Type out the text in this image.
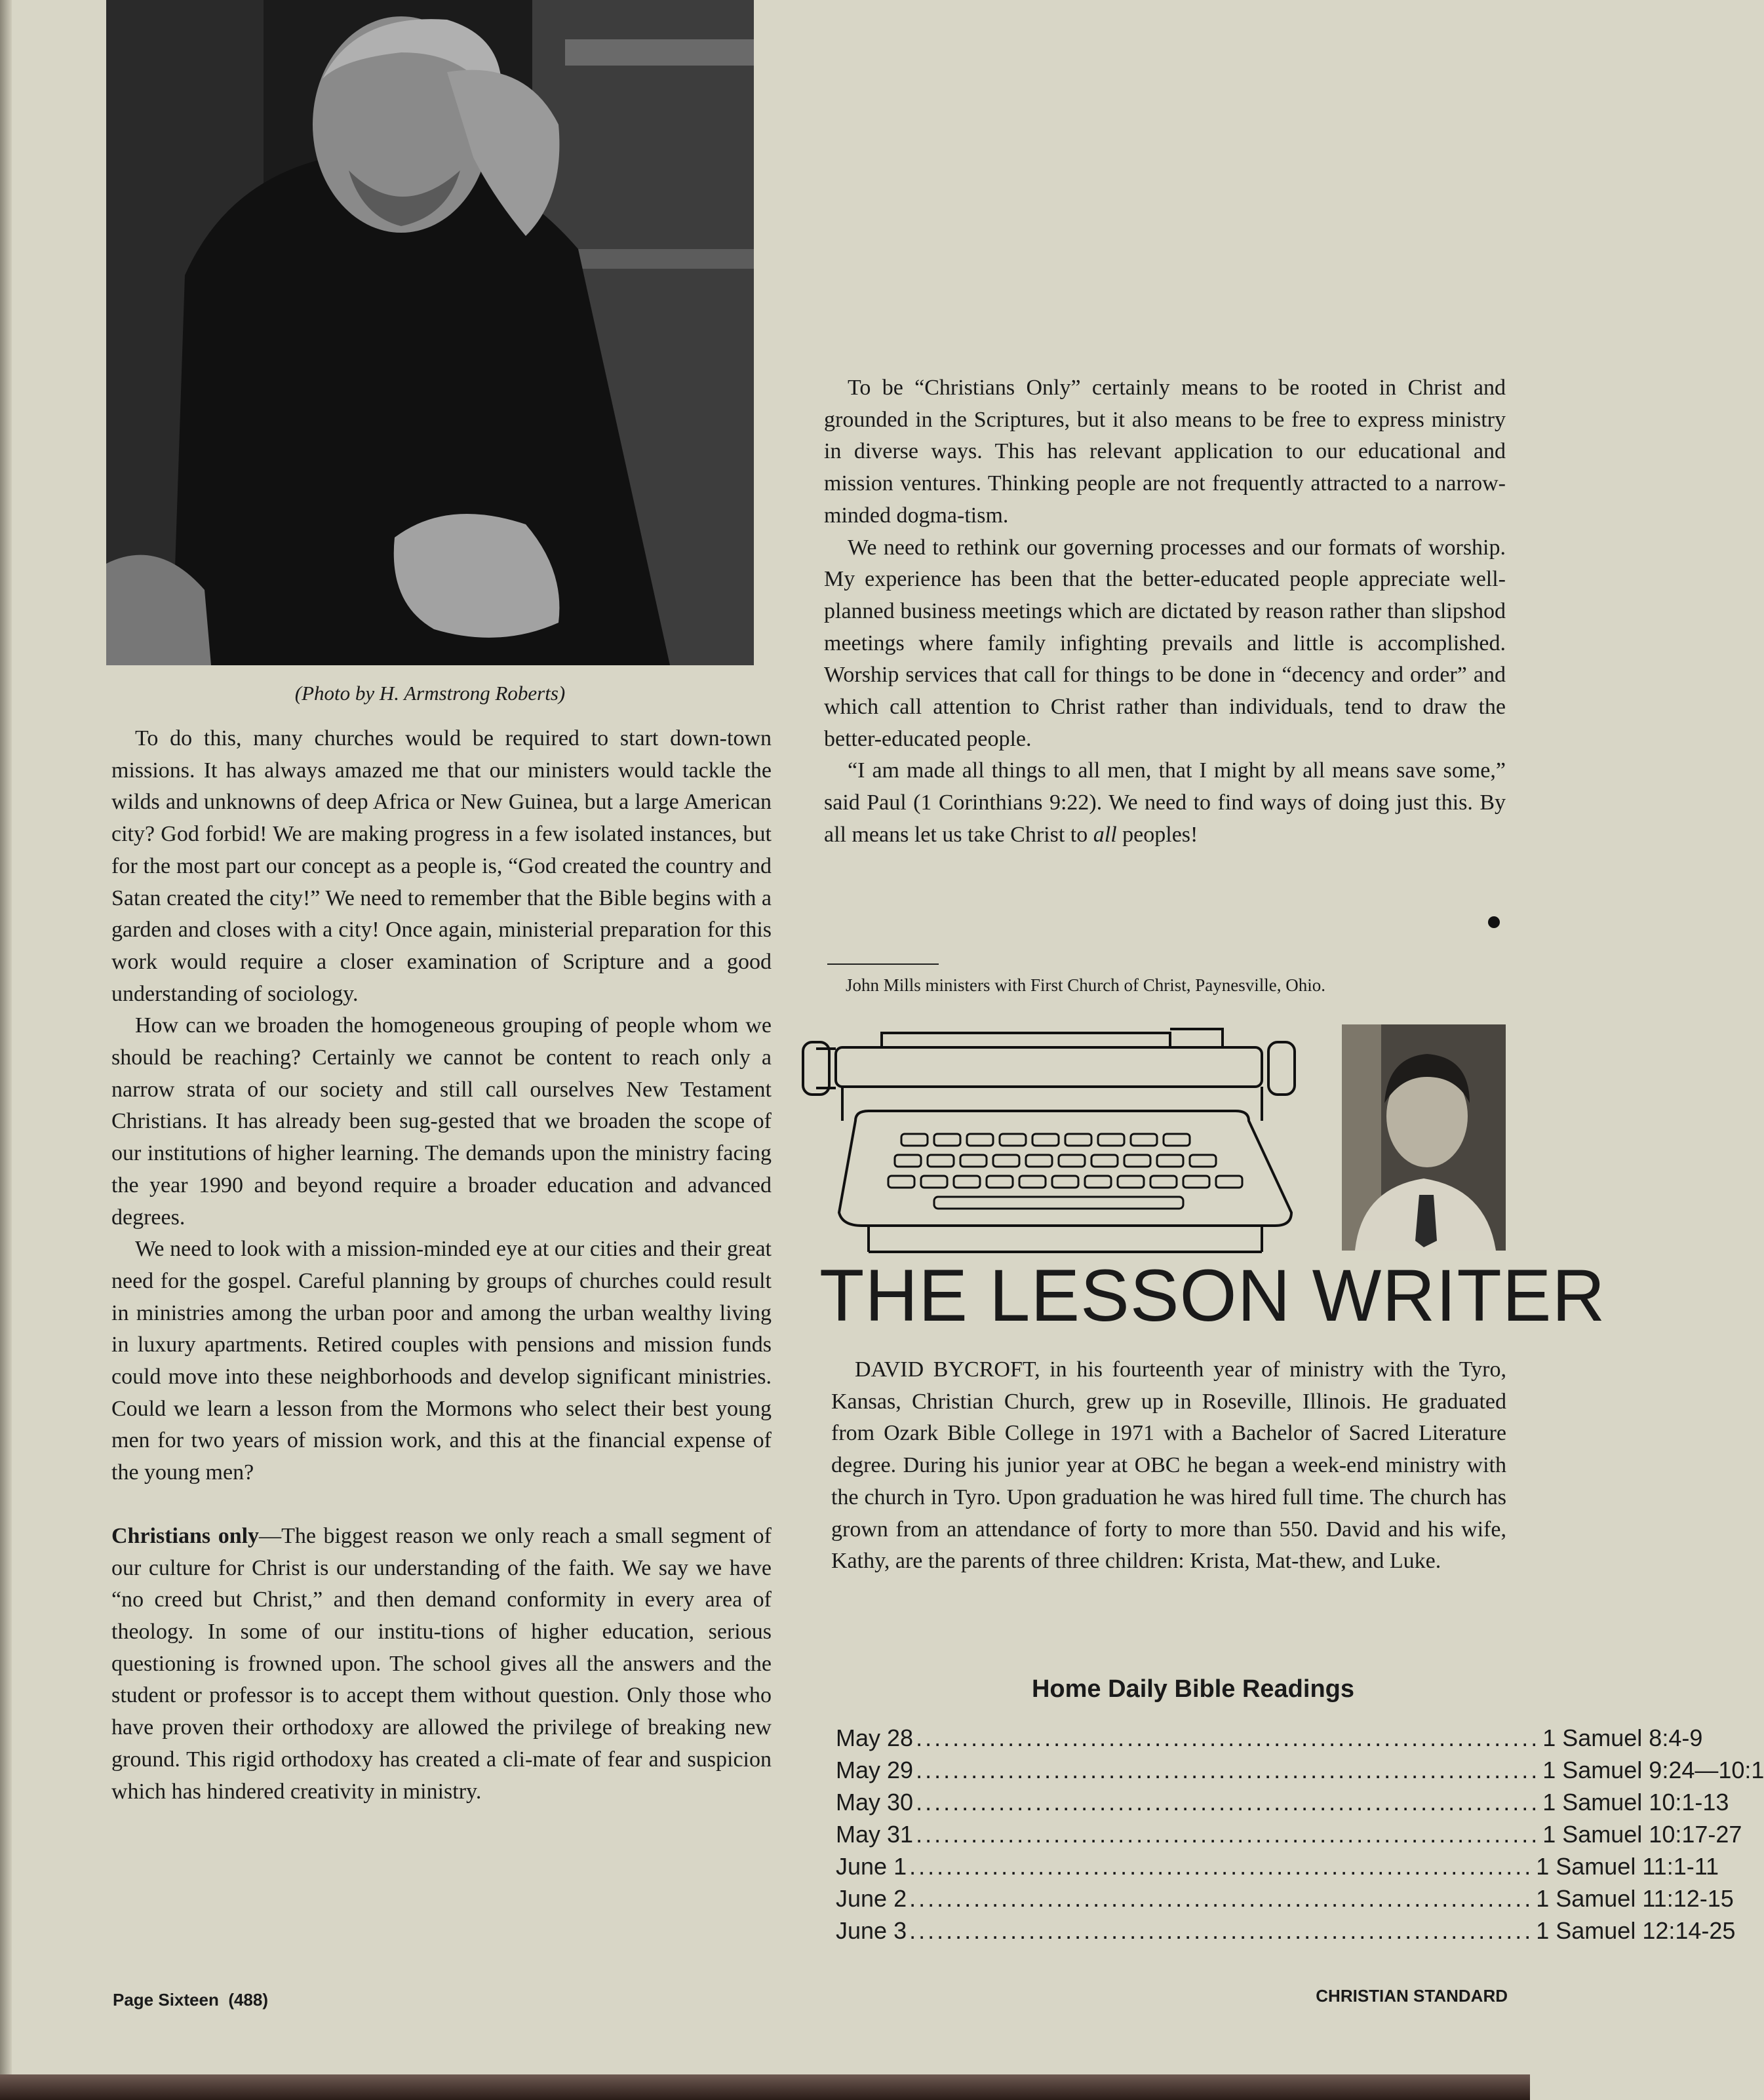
(Photo by H. Armstrong Roberts)

To do this, many churches would be required to start down-town missions. It has always amazed me that our ministers would tackle the wilds and unknowns of deep Africa or New Guinea, but a large American city? God forbid! We are making progress in a few isolated instances, but for the most part our concept as a people is, “God created the country and Satan created the city!” We need to remember that the Bible begins with a garden and closes with a city! Once again, ministerial preparation for this work would require a closer examination of Scripture and a good understanding of sociology.

How can we broaden the homogeneous grouping of people whom we should be reaching? Certainly we cannot be content to reach only a narrow strata of our society and still call ourselves New Testament Christians. It has already been sug-gested that we broaden the scope of our institutions of higher learning. The demands upon the ministry facing the year 1990 and beyond require a broader education and advanced degrees.

We need to look with a mission-minded eye at our cities and their great need for the gospel. Careful planning by groups of churches could result in ministries among the urban poor and among the urban wealthy living in luxury apartments. Retired couples with pensions and mission funds could move into these neighborhoods and develop significant ministries. Could we learn a lesson from the Mormons who select their best young men for two years of mission work, and this at the financial expense of the young men?

Christians only—The biggest reason we only reach a small segment of our culture for Christ is our understanding of the faith. We say we have “no creed but Christ,” and then demand conformity in every area of theology. In some of our institu-tions of higher education, serious questioning is frowned upon. The school gives all the answers and the student or professor is to accept them without question. Only those who have proven their orthodoxy are allowed the privilege of breaking new ground. This rigid orthodoxy has created a cli-mate of fear and suspicion which has hindered creativity in ministry.

To be “Christians Only” certainly means to be rooted in Christ and grounded in the Scriptures, but it also means to be free to express ministry in diverse ways. This has relevant application to our educational and mission ventures. Thinking people are not frequently attracted to a narrow-minded dogma-tism.

We need to rethink our governing processes and our formats of worship. My experience has been that the better-educated people appreciate well-planned business meetings which are dictated by reason rather than slipshod meetings where family infighting prevails and little is accomplished. Worship services that call for things to be done in “decency and order” and which call attention to Christ rather than individuals, tend to draw the better-educated people.

“I am made all things to all men, that I might by all means save some,” said Paul (1 Corinthians 9:22). We need to find ways of doing just this. By all means let us take Christ to all peoples!

John Mills ministers with First Church of Christ, Paynesville, Ohio.
THE LESSON WRITER

DAVID BYCROFT, in his fourteenth year of ministry with the Tyro, Kansas, Christian Church, grew up in Roseville, Illinois. He graduated from Ozark Bible College in 1971 with a Bachelor of Sacred Literature degree. During his junior year at OBC he began a week-end ministry with the church in Tyro. Upon graduation he was hired full time. The church has grown from an attendance of forty to more than 550. David and his wife, Kathy, are the parents of three children: Krista, Mat-thew, and Luke.

Home Daily Bible Readings
May 28 .................................................................... 1 Samuel 8:4-9
May 29 .................................................................... 1 Samuel 9:24—10:1
May 30 .................................................................... 1 Samuel 10:1-13
May 31 .................................................................... 1 Samuel 10:17-27
June 1 .................................................................... 1 Samuel 11:1-11
June 2 .................................................................... 1 Samuel 11:12-15
June 3 .................................................................... 1 Samuel 12:14-25
Page Sixteen (488)	CHRISTIAN STANDARD
